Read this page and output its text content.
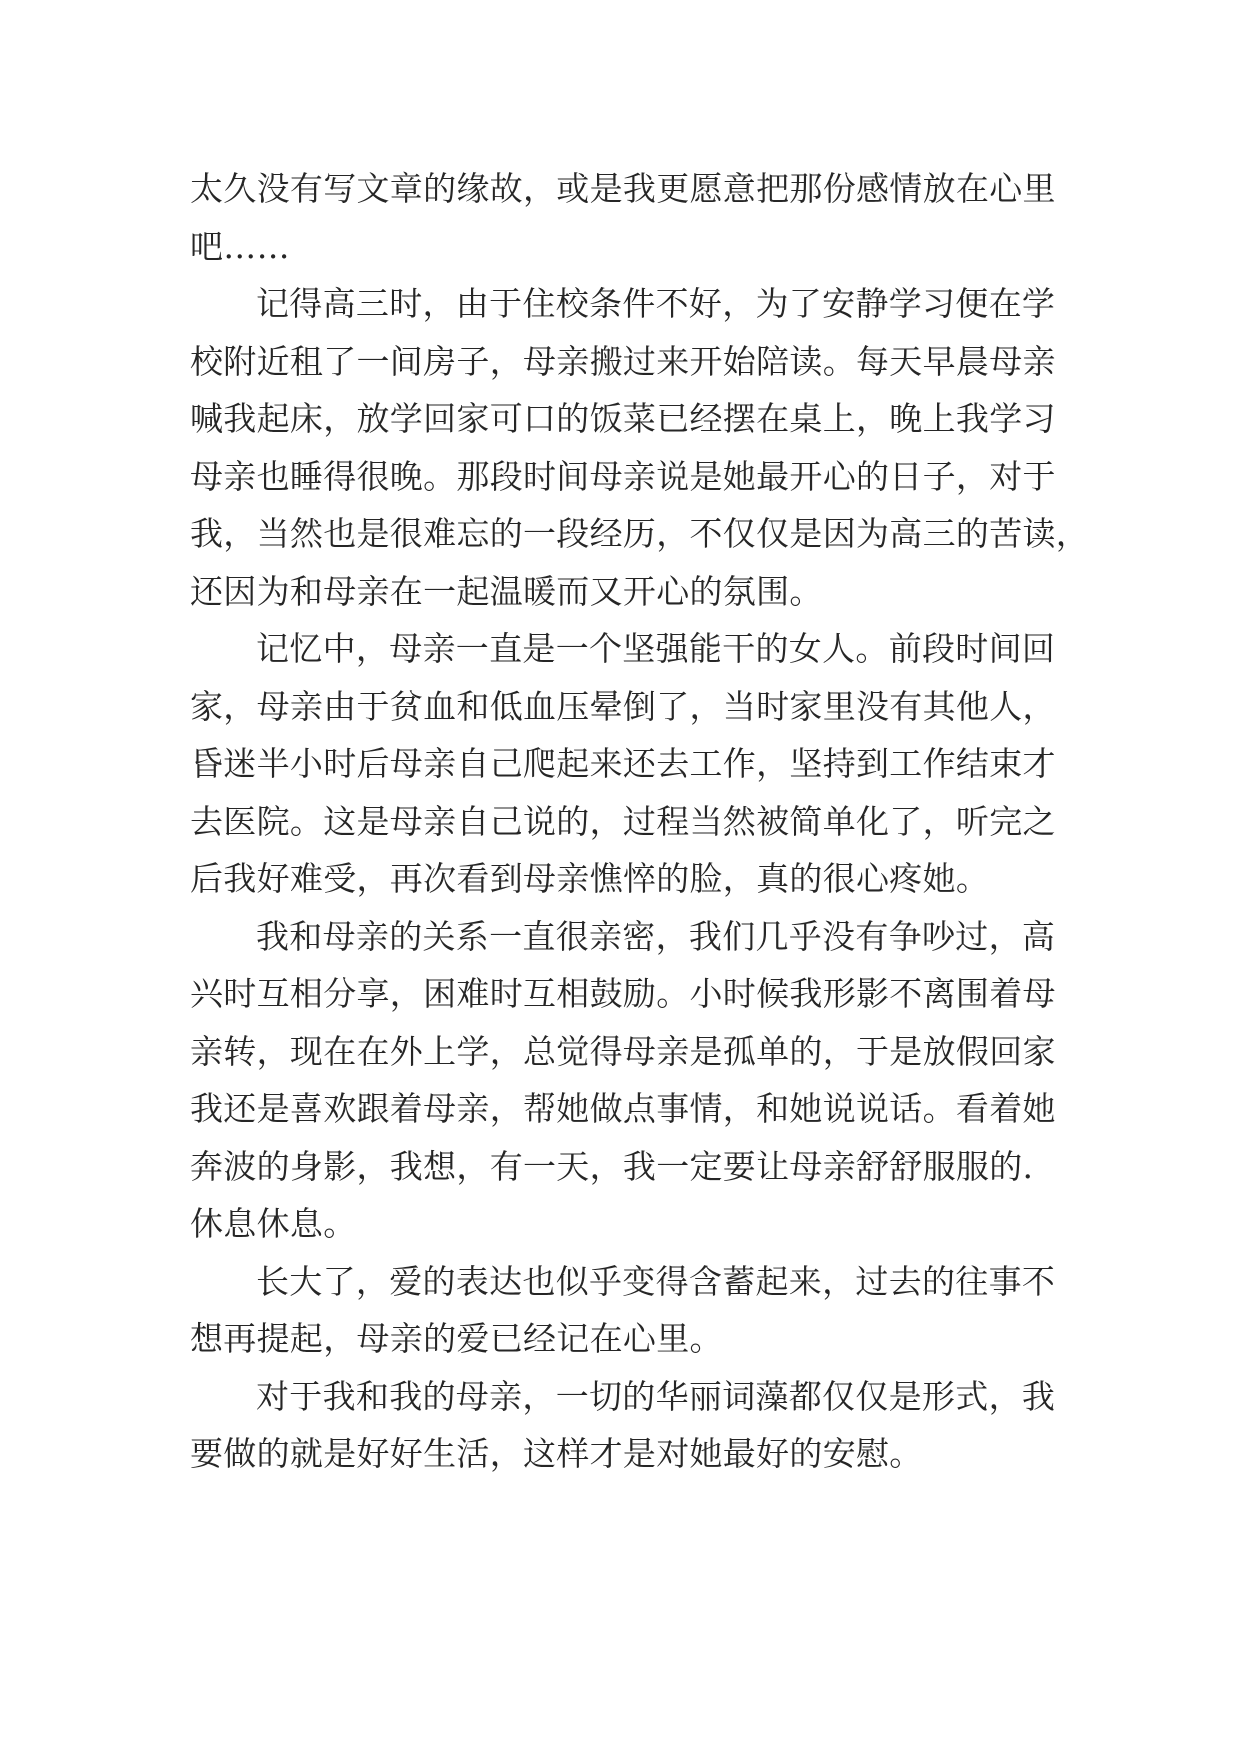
太久没有写文章的缘故，或是我更愿意把那份感情放在心里
吧……
记得高三时，由于住校条件不好，为了安静学习便在学
校附近租了一间房子，母亲搬过来开始陪读。每天早晨母亲
喊我起床，放学回家可口的饭菜已经摆在桌上，晚上我学习
母亲也睡得很晚。那段时间母亲说是她最开心的日子，对于
我，当然也是很难忘的一段经历，不仅仅是因为高三的苦读，
还因为和母亲在一起温暖而又开心的氛围。
记忆中，母亲一直是一个坚强能干的女人。前段时间回
家，母亲由于贫血和低血压晕倒了，当时家里没有其他人，
昏迷半小时后母亲自己爬起来还去工作，坚持到工作结束才
去医院。这是母亲自己说的，过程当然被简单化了，听完之
后我好难受，再次看到母亲憔悴的脸，真的很心疼她。
我和母亲的关系一直很亲密，我们几乎没有争吵过，高
兴时互相分享，困难时互相鼓励。小时候我形影不离围着母
亲转，现在在外上学，总觉得母亲是孤单的，于是放假回家
我还是喜欢跟着母亲，帮她做点事情，和她说说话。看着她
奔波的身影，我想，有一天，我一定要让母亲舒舒服服的.
休息休息。
长大了，爱的表达也似乎变得含蓄起来，过去的往事不
想再提起，母亲的爱已经记在心里。
对于我和我的母亲，一切的华丽词藻都仅仅是形式，我
要做的就是好好生活，这样才是对她最好的安慰。
